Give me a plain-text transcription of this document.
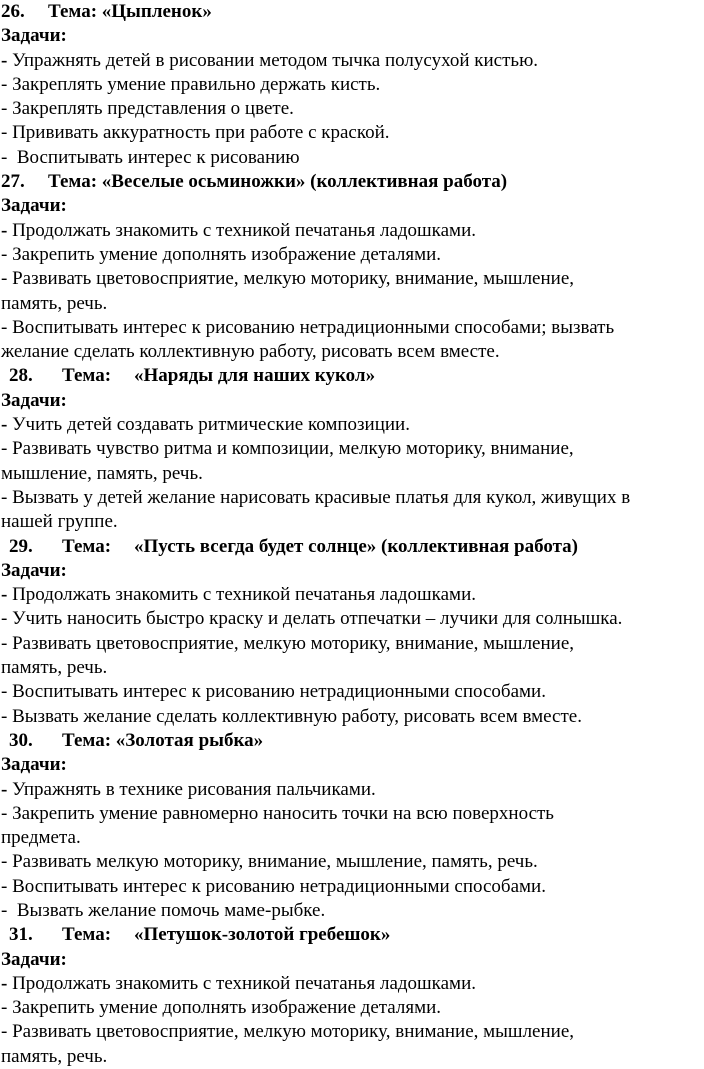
26. Тема: «Цыпленок»

Задачи:

- Упражнять детей в рисовании методом тычка полусухой кистью.

- Закреплять умение правильно держать кисть.

- Закреплять представления о цвете.

- Прививать аккуратность при работе с краской.

-  Воспитывать интерес к рисованию

27. Тема: «Веселые осьминожки» (коллективная работа)

Задачи:

- Продолжать знакомить с техникой печатанья ладошками.

- Закрепить умение дополнять изображение деталями.

- Развивать цветовосприятие, мелкую моторику, внимание, мышление,

память, речь.

- Воспитывать интерес к рисованию нетрадиционными способами; вызвать

желание сделать коллективную работу, рисовать всем вместе.

28. Тема: «Наряды для наших кукол»

Задачи:

- Учить детей создавать ритмические композиции.

- Развивать чувство ритма и композиции, мелкую моторику, внимание,

мышление, память, речь.

- Вызвать у детей желание нарисовать красивые платья для кукол, живущих в

нашей группе.

29. Тема: «Пусть всегда будет солнце» (коллективная работа)

Задачи:

- Продолжать знакомить с техникой печатанья ладошками.

- Учить наносить быстро краску и делать отпечатки – лучики для солнышка.

- Развивать цветовосприятие, мелкую моторику, внимание, мышление,

память, речь.

- Воспитывать интерес к рисованию нетрадиционными способами.

- Вызвать желание сделать коллективную работу, рисовать всем вместе.

30. Тема: «Золотая рыбка»

Задачи:

- Упражнять в технике рисования пальчиками.

- Закрепить умение равномерно наносить точки на всю поверхность

предмета.

- Развивать мелкую моторику, внимание, мышление, память, речь.

- Воспитывать интерес к рисованию нетрадиционными способами.

-  Вызвать желание помочь маме-рыбке.

31. Тема: «Петушок-золотой гребешок»

Задачи:

- Продолжать знакомить с техникой печатанья ладошками.

- Закрепить умение дополнять изображение деталями.

- Развивать цветовосприятие, мелкую моторику, внимание, мышление,

память, речь.
